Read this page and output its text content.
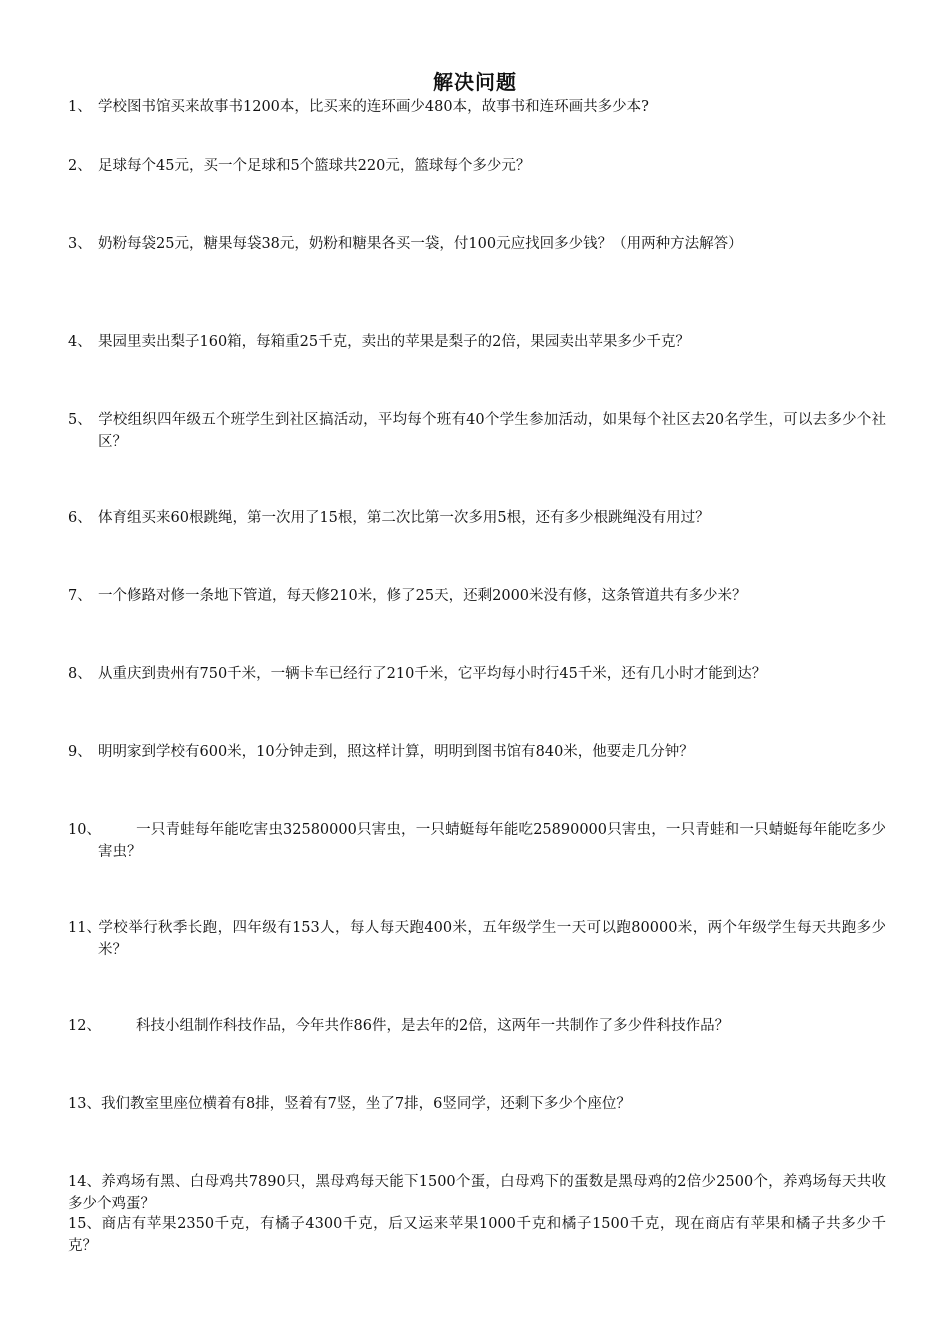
解决问题
1、 学校图书馆买来故事书1200本，比买来的连环画少480本，故事书和连环画共多少本?
2、 足球每个45元，买一个足球和5个篮球共220元，篮球每个多少元？
3、 奶粉每袋25元，糖果每袋38元，奶粉和糖果各买一袋，付100元应找回多少钱？（用两种方法解答）
4、 果园里卖出梨子160箱，每箱重25千克，卖出的苹果是梨子的2倍，果园卖出苹果多少千克？
5、 学校组织四年级五个班学生到社区搞活动，平均每个班有40个学生参加活动，如果每个社区去20名学生，可以去多少个社区？
6、 体育组买来60根跳绳，第一次用了15根，第二次比第一次多用5根，还有多少根跳绳没有用过？
7、 一个修路对修一条地下管道，每天修210米，修了25天，还剩2000米没有修，这条管道共有多少米？
8、 从重庆到贵州有750千米，一辆卡车已经行了210千米，它平均每小时行45千米，还有几小时才能到达？
9、 明明家到学校有600米，10分钟走到，照这样计算，明明到图书馆有840米，他要走几分钟？
10、 一只青蛙每年能吃害虫32580000只害虫，一只蜻蜓每年能吃25890000只害虫，一只青蛙和一只蜻蜓每年能吃多少害虫？
11、学校举行秋季长跑，四年级有153人，每人每天跑400米，五年级学生一天可以跑80000米，两个年级学生每天共跑多少米？
12、 科技小组制作科技作品，今年共作86件，是去年的2倍，这两年一共制作了多少件科技作品？
13、我们教室里座位横着有8排，竖着有7竖，坐了7排，6竖同学，还剩下多少个座位？
14、养鸡场有黑、白母鸡共7890只，黑母鸡每天能下1500个蛋，白母鸡下的蛋数是黑母鸡的2倍少2500个，养鸡场每天共收多少个鸡蛋？
15、商店有苹果2350千克，有橘子4300千克，后又运来苹果1000千克和橘子1500千克，现在商店有苹果和橘子共多少千克？
